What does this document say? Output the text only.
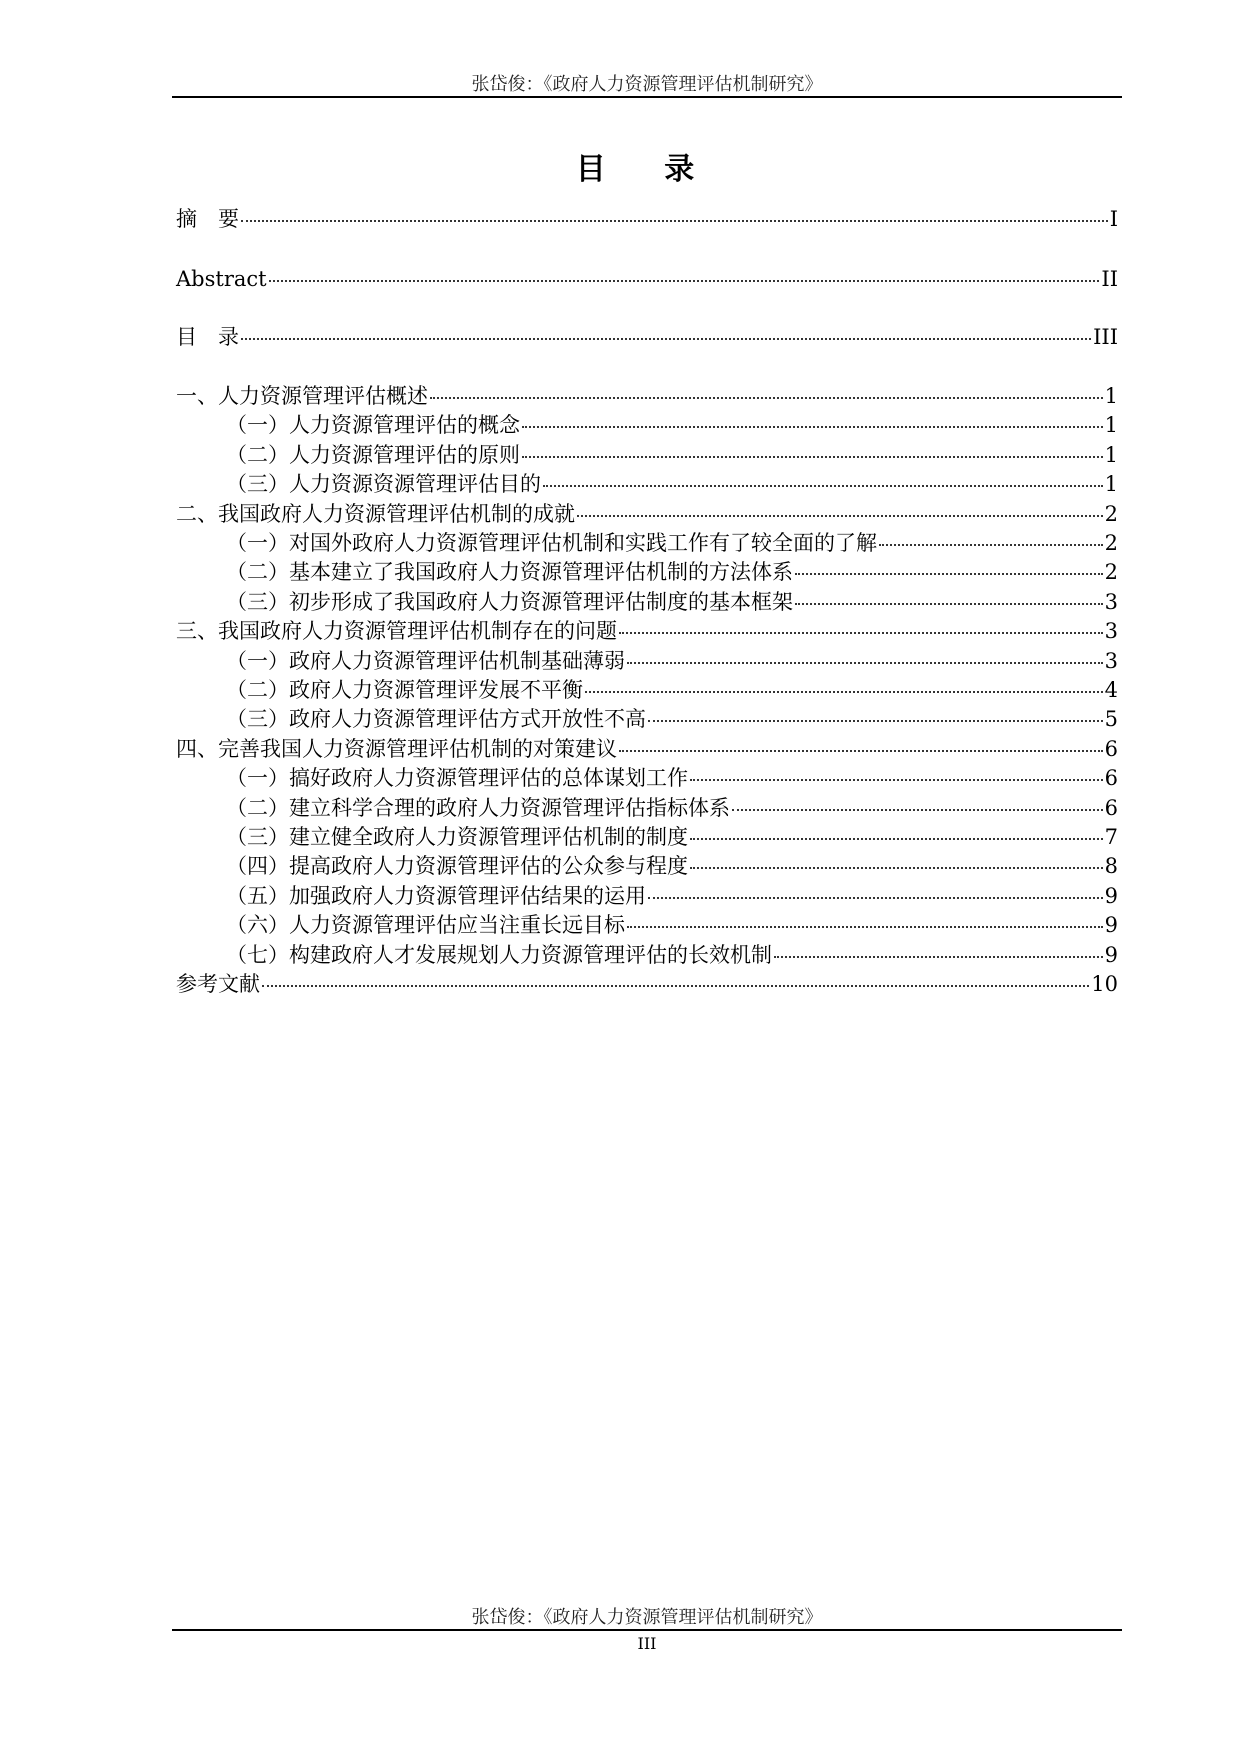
张岱俊：《政府人力资源管理评估机制研究》
目 录
摘　要	I
Abstract	II
目　录	III
一、人力资源管理评估概述	1
（一）人力资源管理评估的概念	1
（二）人力资源管理评估的原则	1
（三）人力资源资源管理评估目的	1
二、我国政府人力资源管理评估机制的成就	2
（一）对国外政府人力资源管理评估机制和实践工作有了较全面的了解	2
（二）基本建立了我国政府人力资源管理评估机制的方法体系	2
（三）初步形成了我国政府人力资源管理评估制度的基本框架	3
三、我国政府人力资源管理评估机制存在的问题	3
（一）政府人力资源管理评估机制基础薄弱	3
（二）政府人力资源管理评发展不平衡	4
（三）政府人力资源管理评估方式开放性不高	5
四、完善我国人力资源管理评估机制的对策建议	6
（一）搞好政府人力资源管理评估的总体谋划工作	6
（二）建立科学合理的政府人力资源管理评估指标体系	6
（三）建立健全政府人力资源管理评估机制的制度	7
（四）提高政府人力资源管理评估的公众参与程度	8
（五）加强政府人力资源管理评估结果的运用	9
（六）人力资源管理评估应当注重长远目标	9
（七）构建政府人才发展规划人力资源管理评估的长效机制	9
参考文献	10
张岱俊：《政府人力资源管理评估机制研究》
III
